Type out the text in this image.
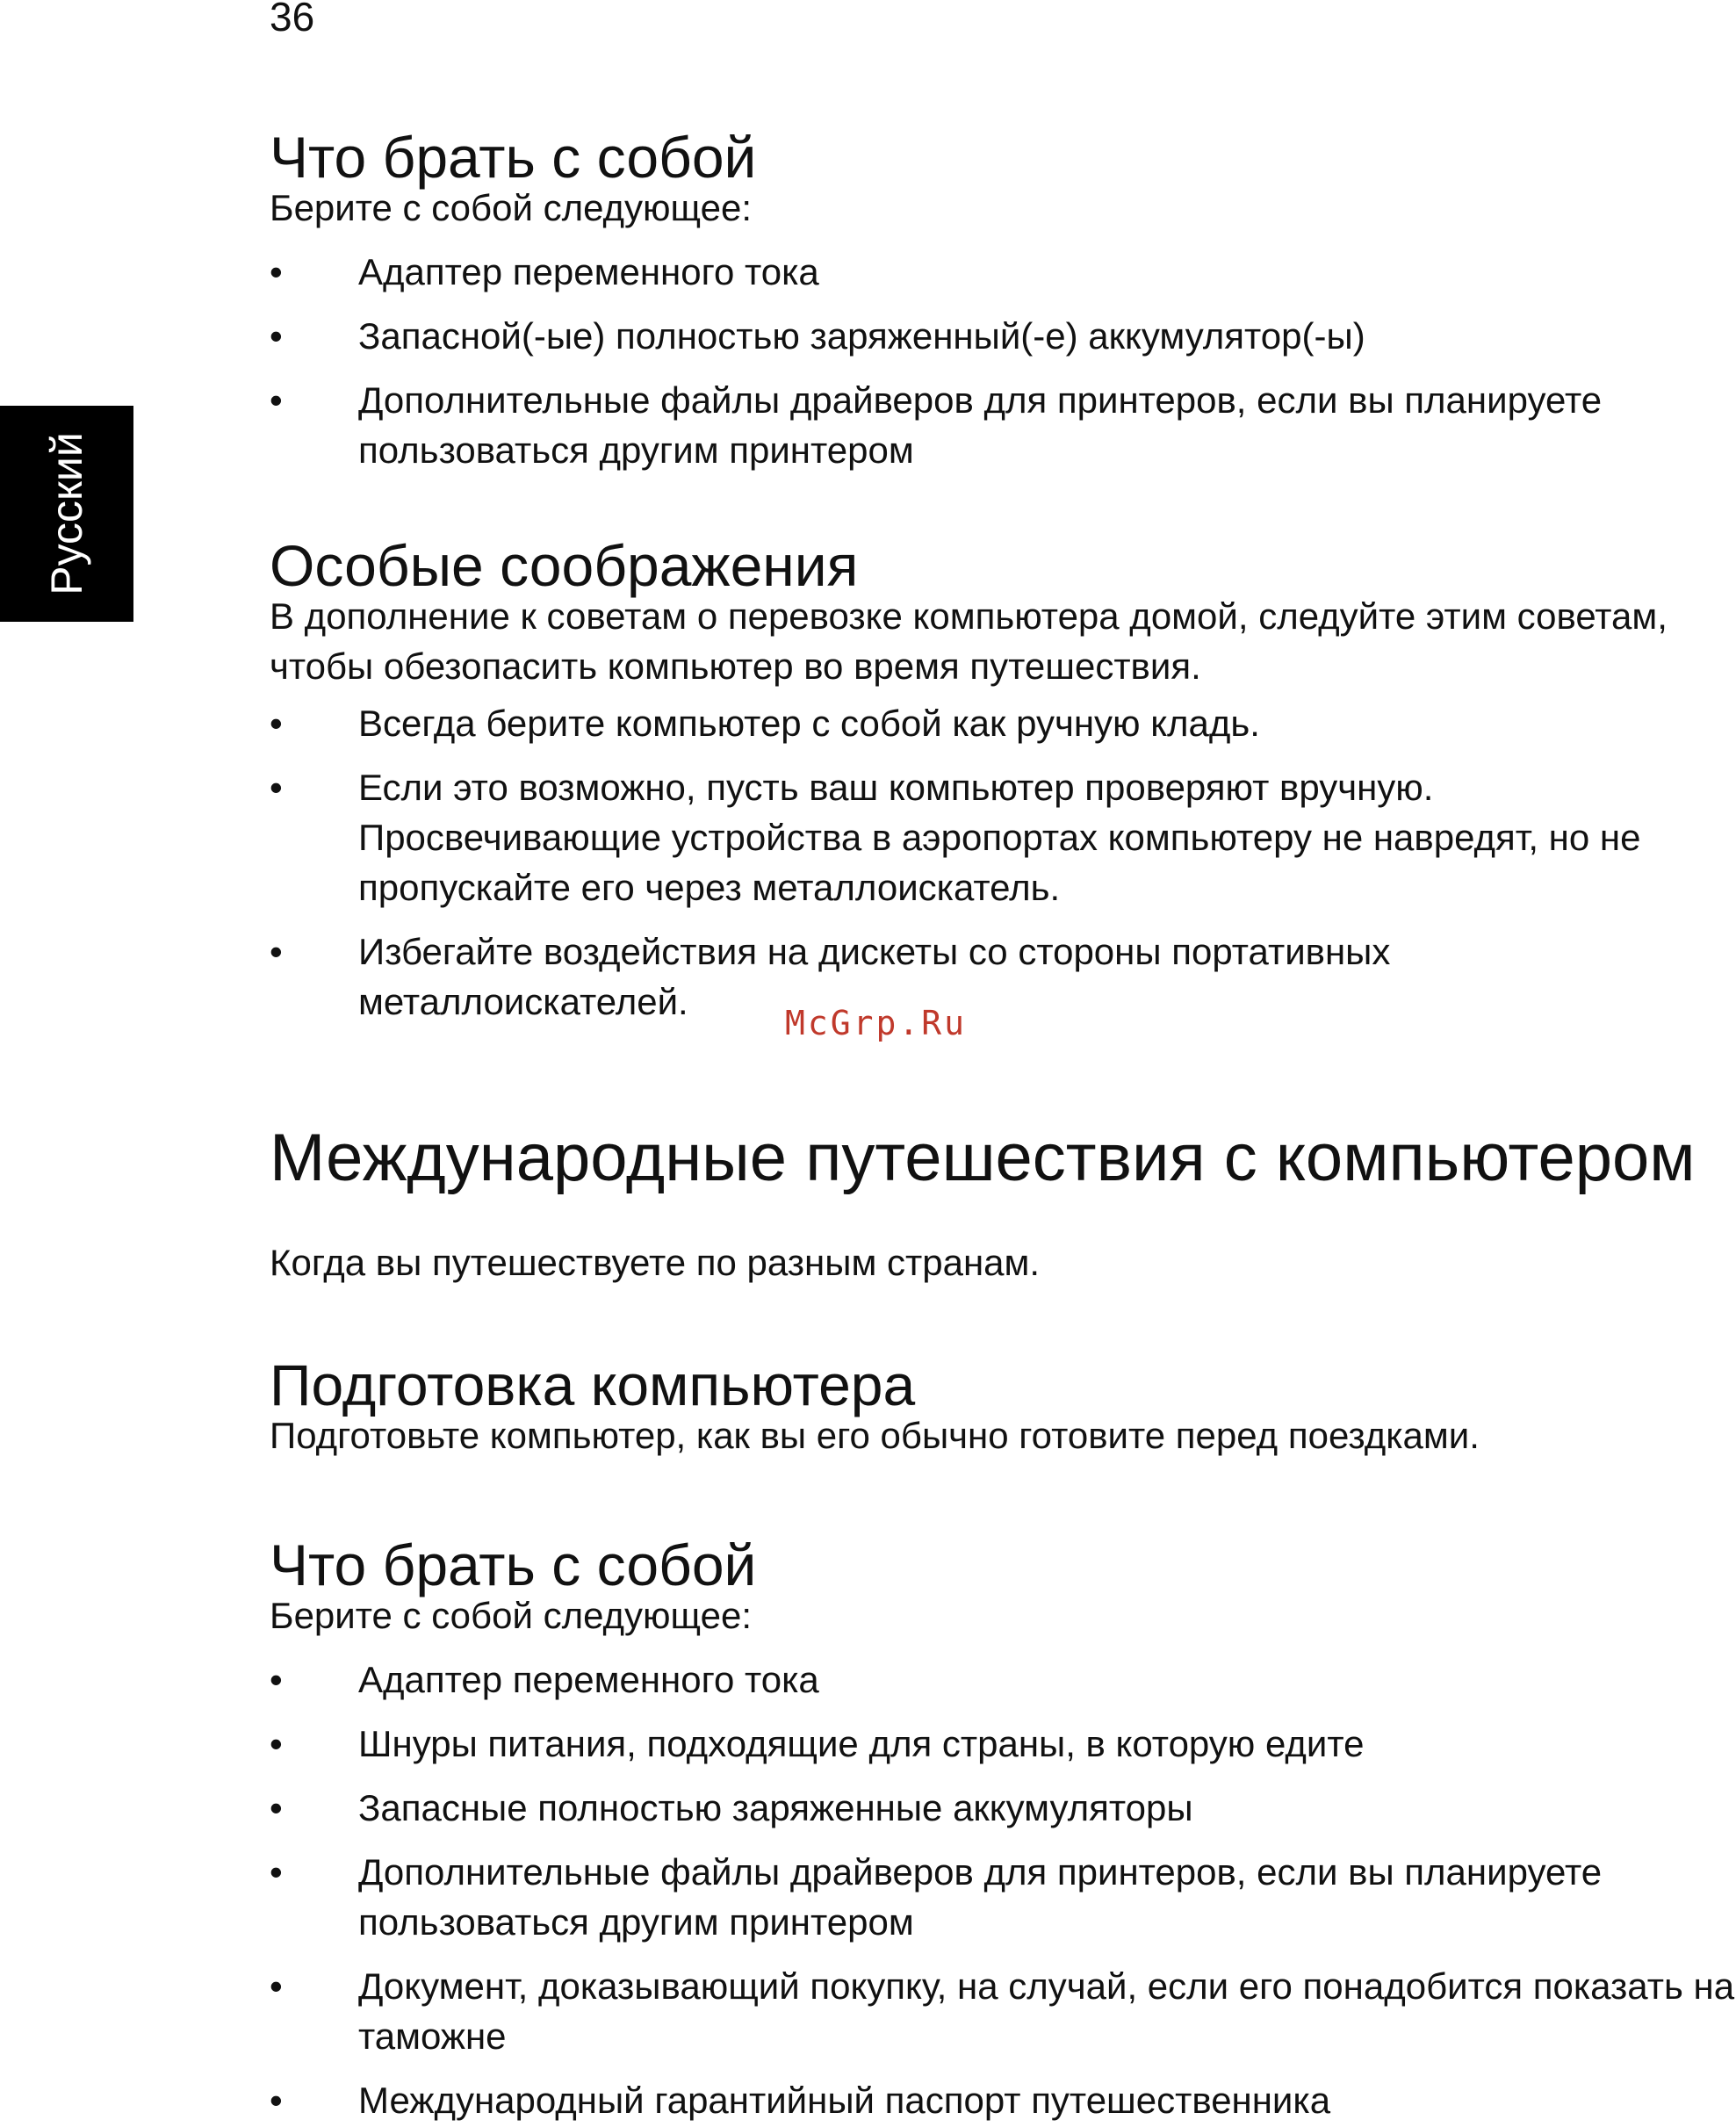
36
Русский
Что брать с собой

Берите с собой следующее:

• Адаптер переменного тока
• Запасной(-ые) полностью заряженный(-е) аккумулятор(-ы)
• Дополнительные файлы драйверов для принтеров, если вы планируете пользоваться другим принтером
Особые соображения

В дополнение к советам о перевозке компьютера домой, следуйте этим советам, чтобы обезопасить компьютер во время путешествия.

• Всегда берите компьютер с собой как ручную кладь.
• Если это возможно, пусть ваш компьютер проверяют вручную. Просвечивающие устройства в аэропортах компьютеру не навредят, но не пропускайте его через металлоискатель.
• Избегайте воздействия на дискеты со стороны портативных металлоискателей.
McGrp.Ru
Международные путешествия с компьютером

Когда вы путешествуете по разным странам.

Подготовка компьютера

Подготовьте компьютер, как вы его обычно готовите перед поездками.

Что брать с собой

Берите с собой следующее:

• Адаптер переменного тока
• Шнуры питания, подходящие для страны, в которую едите
• Запасные полностью заряженные аккумуляторы
• Дополнительные файлы драйверов для принтеров, если вы планируете пользоваться другим принтером
• Документ, доказывающий покупку, на случай, если его понадобится показать на таможне
• Международный гарантийный паспорт путешественника
